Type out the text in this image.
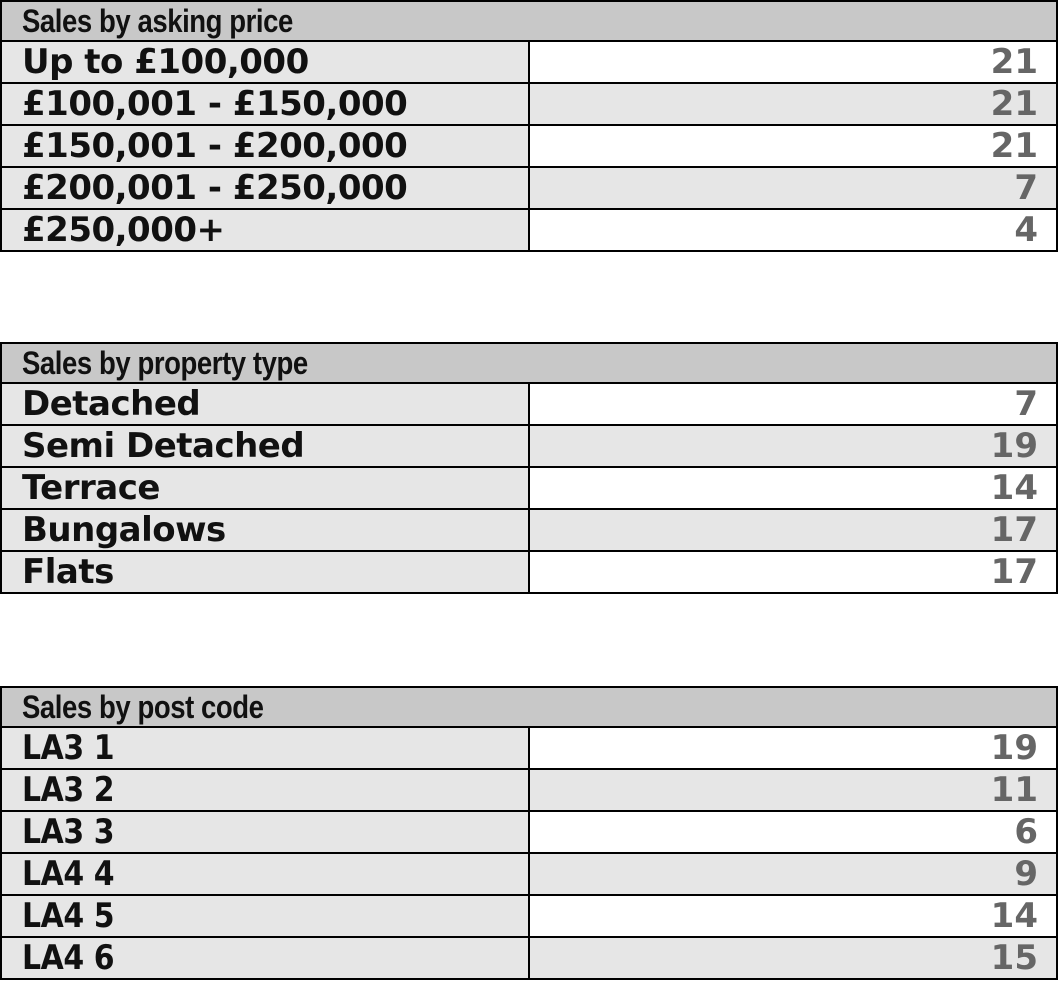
Sales by asking price	
Up to £100,000	21
£100,001 - £150,000	21
£150,001 - £200,000	21
£200,001 - £250,000	7
£250,000+	4
Sales by property type	
Detached	7
Semi Detached	19
Terrace	14
Bungalows	17
Flats	17
Sales by post code	
LA3 1	19
LA3 2	11
LA3 3	6
LA4 4	9
LA4 5	14
LA4 6	15
